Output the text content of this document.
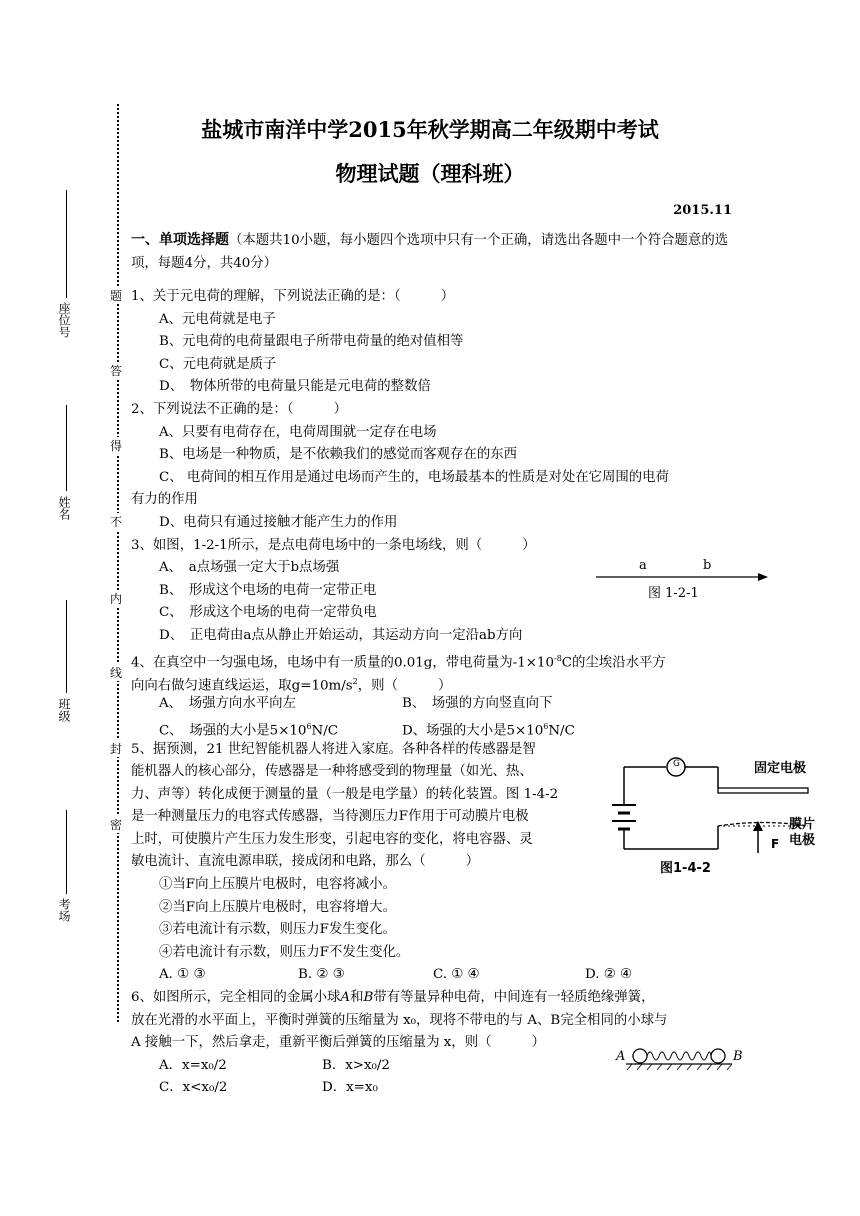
题
答
得
不
内
线
封
密
座位号
姓名
班级
考场
盐城市南洋中学2015年秋学期高二年级期中考试
物理试题（理科班）
2015.11
一、单项选择题（本题共10小题，每小题四个选项中只有一个正确，请选出各题中一个符合题意的选项，每题4分，共40分）
1、关于元电荷的理解，下列说法正确的是：（　　　）
A、元电荷就是电子
B、元电荷的电荷量跟电子所带电荷量的绝对值相等
C、元电荷就是质子
D、　物体所带的电荷量只能是元电荷的整数倍
2、下列说法不正确的是：（　　　）
A、只要有电荷存在，电荷周围就一定存在电场
B、电场是一种物质，是不依赖我们的感觉而客观存在的东西
C、 电荷间的相互作用是通过电场而产生的，电场最基本的性质是对处在它周围的电荷
有力的作用
D、电荷只有通过接触才能产生力的作用
3、如图，1-2-1所示，是点电荷电场中的一条电场线，则（　　　）
A、　a点场强一定大于b点场强
B、　形成这个电场的电荷一定带正电
C、　形成这个电场的电荷一定带负电
D、　正电荷由a点从静止开始运动，其运动方向一定沿ab方向
a	b
图 1-2-1
4、在真空中一匀强电场，电场中有一质量的0.01g，带电荷量为$-1\times 10^{-8}C$的尘埃沿水平方
向向右做匀速直线运运，取$g=10m/s^2$，则（　　　）
A、　场强方向水平向左	B、　场强的方向竖直向下
C、　场强的大小是$5\times 10^6N/C$	D、场强的大小是$5\times 10^6N/C$
5、据预测，21 世纪智能机器人将进入家庭。各种各样的传感器是智
能机器人的核心部分，传感器是一种将感受到的物理量（如光、热、
力、声等）转化成便于测量的量（一般是电学量）的转化装置。图 1-4-2
是一种测量压力的电容式传感器，当待测压力F作用于可动膜片电极
上时，可使膜片产生压力发生形变，引起电容的变化，将电容器、灵
敏电流计、直流电源串联，接成闭和电路，那么（　　　）
①当F向上压膜片电极时，电容将减小。
②当F向上压膜片电极时，电容将增大。
③若电流计有示数，则压力F发生变化。
④若电流计有示数，则压力F不发生变化。
A. ① ③	B. ② ③	C. ① ④	D. ② ④
G	固定电极
膜片
电极
F
图1-4-2
6、如图所示，完全相同的金属小球A和B带有等量异种电荷，中间连有一轻质绝缘弹簧，
放在光滑的水平面上，平衡时弹簧的压缩量为 x₀，现将不带电的与 A、B完全相同的小球与
A 接触一下，然后拿走，重新平衡后弹簧的压缩量为 x，则（　　　）
A．x=x₀/2	B．x>x₀/2
C．x<x₀/2	D．x=x₀
A	B
